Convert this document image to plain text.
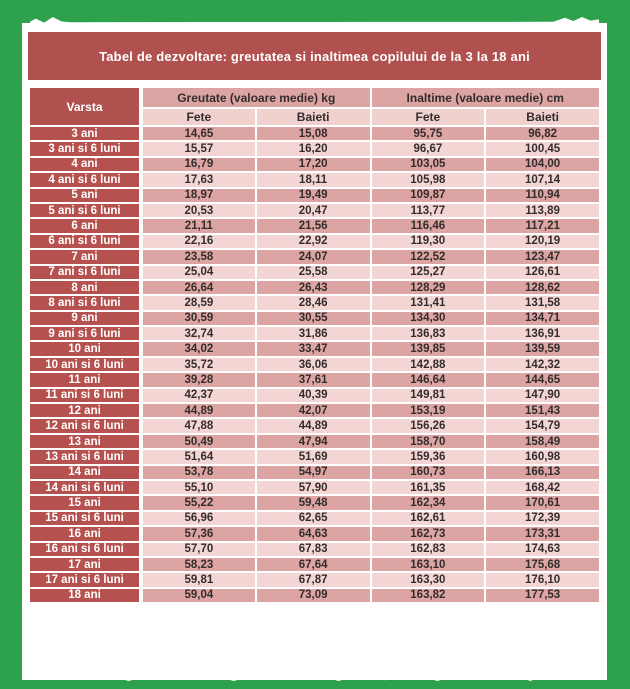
Tabel de dezvoltare: greutatea si inaltimea copilului de la 3 la 18 ani
Varsta	Greutate (valoare medie) kg		Inaltime (valoare medie) cm	
	Fete	Baieti	Fete	Baieti
3 ani	14,65	15,08	95,75	96,82
3 ani si 6 luni	15,57	16,20	96,67	100,45
4 ani	16,79	17,20	103,05	104,00
4 ani si 6 luni	17,63	18,11	105,98	107,14
5 ani	18,97	19,49	109,87	110,94
5 ani si 6 luni	20,53	20,47	113,77	113,89
6 ani	21,11	21,56	116,46	117,21
6 ani si 6 luni	22,16	22,92	119,30	120,19
7 ani	23,58	24,07	122,52	123,47
7 ani si 6 luni	25,04	25,58	125,27	126,61
8 ani	26,64	26,43	128,29	128,62
8 ani si 6 luni	28,59	28,46	131,41	131,58
9 ani	30,59	30,55	134,30	134,71
9 ani si 6 luni	32,74	31,86	136,83	136,91
10 ani	34,02	33,47	139,85	139,59
10 ani si 6 luni	35,72	36,06	142,88	142,32
11 ani	39,28	37,61	146,64	144,65
11 ani si 6 luni	42,37	40,39	149,81	147,90
12 ani	44,89	42,07	153,19	151,43
12 ani si 6 luni	47,88	44,89	156,26	154,79
13 ani	50,49	47,94	158,70	158,49
13 ani si 6 luni	51,64	51,69	159,36	160,98
14 ani	53,78	54,97	160,73	166,13
14 ani si 6 luni	55,10	57,90	161,35	168,42
15 ani	55,22	59,48	162,34	170,61
15 ani si 6 luni	56,96	62,65	162,61	172,39
16 ani	57,36	64,63	162,73	173,31
16 ani si 6 luni	57,70	67,83	162,83	174,63
17 ani	58,23	67,64	163,10	175,68
17 ani si 6 luni	59,81	67,87	163,30	176,10
18 ani	59,04	73,09	163,82	177,53
